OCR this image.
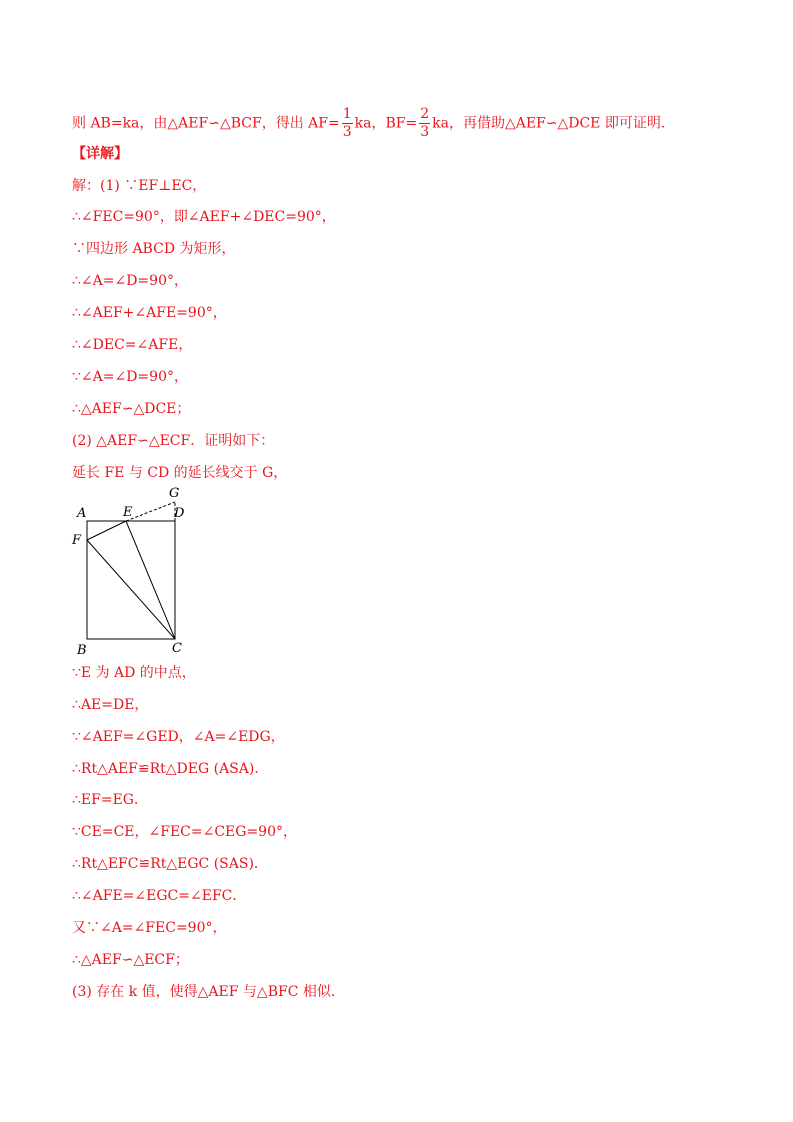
则 AB=ka，由△AEF∽△BCF，得出 $AF= \frac{1}{3}$ ka，$BF= \frac{2}{3}$ ka，再借助△AEF∽△DCE 即可证明．
【详解】
解：(1) ∵EF⊥EC，
∴∠FEC=90°，即∠AEF+∠DEC=90°，
∵四边形 ABCD 为矩形，
∴∠A=∠D=90°，
∴∠AEF+∠AFE=90°，
∴∠DEC=∠AFE，
∵∠A=∠D=90°，
∴△AEF∽△DCE；
(2) △AEF∽△ECF．证明如下：
延长 FE 与 CD 的延长线交于 G，
G
A	E	D
F
B	C
∵E 为 AD 的中点，
∴AE=DE，
∵∠AEF=∠GED，∠A=∠EDG，
∴Rt△AEF≌Rt△DEG (ASA)．
∴EF=EG．
∵CE=CE，∠FEC=∠CEG=90°，
∴Rt△EFC≌Rt△EGC (SAS)．
∴∠AFE=∠EGC=∠EFC．
又∵∠A=∠FEC=90°，
∴△AEF∽△ECF；
(3) 存在 k 值，使得△AEF 与△BFC 相似．
